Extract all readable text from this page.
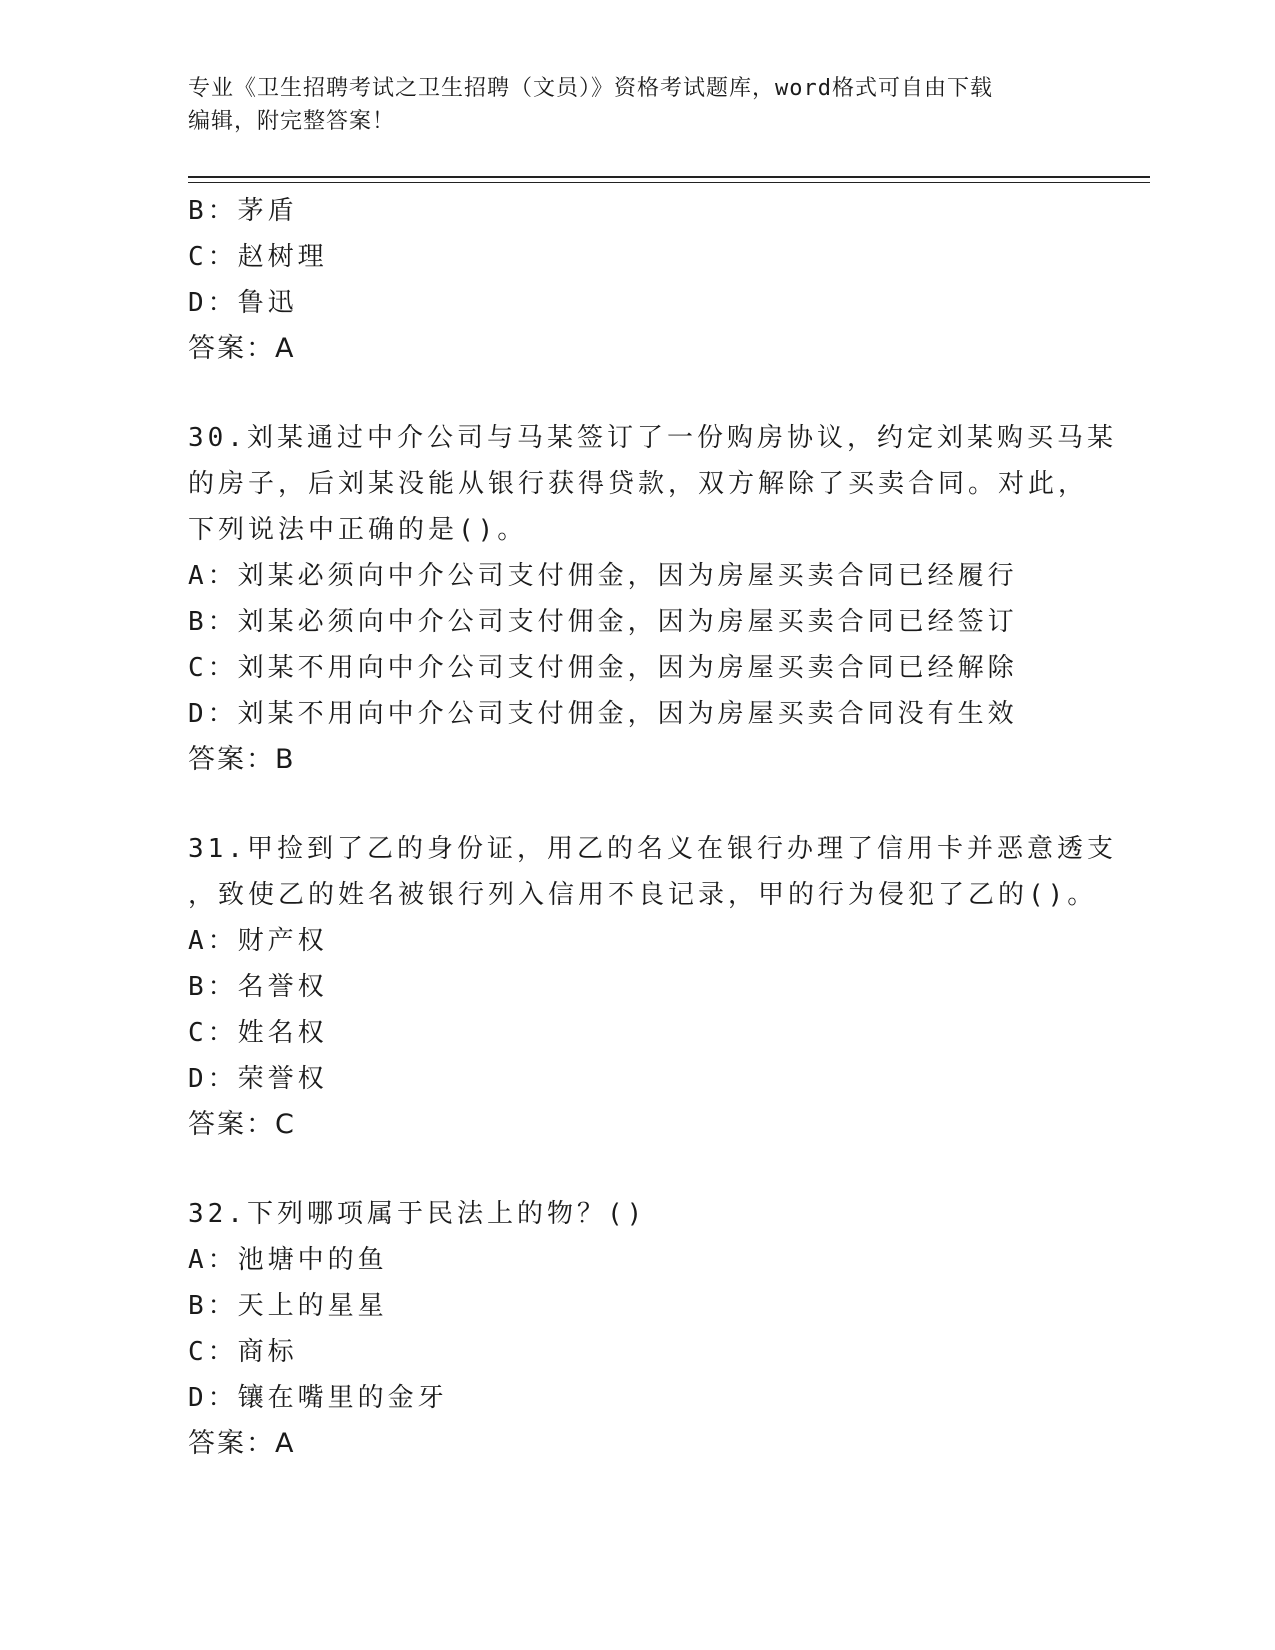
专业《卫生招聘考试之卫生招聘（文员）》资格考试题库，word格式可自由下载
编辑，附完整答案！
B：茅盾
C：赵树理
D：鲁迅
答案：A
30.刘某通过中介公司与马某签订了一份购房协议，约定刘某购买马某
的房子，后刘某没能从银行获得贷款，双方解除了买卖合同。对此，
下列说法中正确的是()。
A：刘某必须向中介公司支付佣金，因为房屋买卖合同已经履行
B：刘某必须向中介公司支付佣金，因为房屋买卖合同已经签订
C：刘某不用向中介公司支付佣金，因为房屋买卖合同已经解除
D：刘某不用向中介公司支付佣金，因为房屋买卖合同没有生效
答案：B
31.甲捡到了乙的身份证，用乙的名义在银行办理了信用卡并恶意透支
，致使乙的姓名被银行列入信用不良记录，甲的行为侵犯了乙的()。
A：财产权
B：名誉权
C：姓名权
D：荣誉权
答案：C
32.下列哪项属于民法上的物？()
A：池塘中的鱼
B：天上的星星
C：商标
D：镶在嘴里的金牙
答案：A
